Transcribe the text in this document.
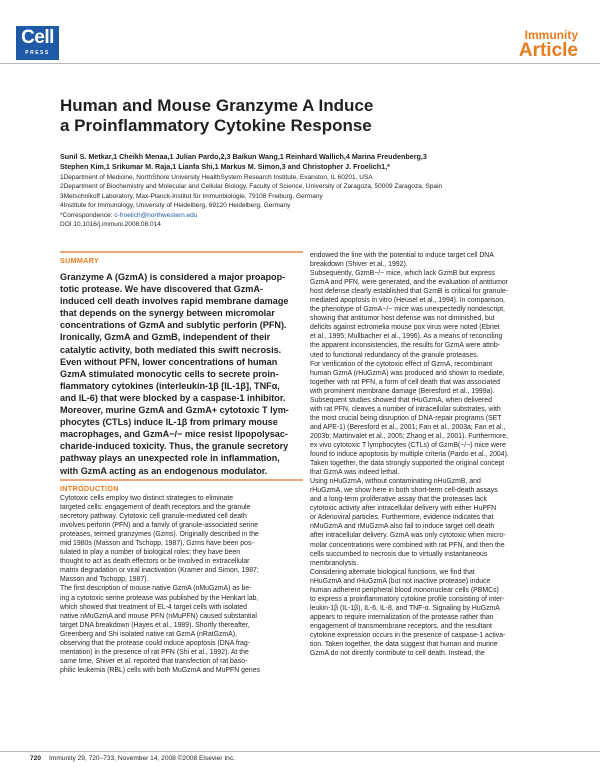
Cell
PRESS
Immunity
Article
Human and Mouse Granzyme A Induce
a Proinflammatory Cytokine Response
Sunil S. Metkar,1 Cheikh Menaa,1 Julian Pardo,2,3 Baikun Wang,1 Reinhard Wallich,4 Marina Freudenberg,3
Stephen Kim,1 Srikumar M. Raja,1 Lianfa Shi,1 Markus M. Simon,3 and Christopher J. Froelich1,*
1Department of Medicine, NorthShore University HealthSystem Research Institute, Evanston, IL 60201, USA
2Department of Biochemistry and Molecular and Cellular Biology, Faculty of Science, University of Zaragoza, 50009 Zaragoza, Spain
3Metschnikoff Laboratory, Max-Planck-Institut für Immunbiologie, 79108 Freiburg, Germany
4Institute for Immunology, University of Heidelberg, 69120 Heidelberg, Germany
*Correspondence: c-froelich@northwestern.edu
DOI 10.1016/j.immuni.2008.08.014
SUMMARY
Granzyme A (GzmA) is considered a major proapop-
totic protease. We have discovered that GzmA-
induced cell death involves rapid membrane damage
that depends on the synergy between micromolar
concentrations of GzmA and sublytic perforin (PFN).
Ironically, GzmA and GzmB, independent of their
catalytic activity, both mediated this swift necrosis.
Even without PFN, lower concentrations of human
GzmA stimulated monocytic cells to secrete proin-
flammatory cytokines (interleukin-1β [IL-1β], TNFα,
and IL-6) that were blocked by a caspase-1 inhibitor.
Moreover, murine GzmA and GzmA+ cytotoxic T lym-
phocytes (CTLs) induce IL-1β from primary mouse
macrophages, and GzmA−/− mice resist lipopolysac-
charide-induced toxicity. Thus, the granule secretory
pathway plays an unexpected role in inflammation,
with GzmA acting as an endogenous modulator.
INTRODUCTION
Cytotoxic cells employ two distinct strategies to eliminate
targeted cells: engagement of death receptors and the granule
secretory pathway. Cytotoxic cell granule-mediated cell death
involves perforin (PFN) and a family of granule-associated serine
proteases, termed granzymes (Gzms). Originally described in the
mid 1980s (Masson and Tschopp, 1987), Gzms have been pos-
tulated to play a number of biological roles; they have been
thought to act as death effectors or be involved in extracellular
matrix degradation or viral inactivation (Kramer and Simon, 1987;
Masson and Tschopp, 1987).
The first description of mouse native GzmA (nMuGzmA) as be-
ing a cytotoxic serine protease was published by the Henkart lab,
which showed that treatment of EL-4 target cells with isolated
native nMuGzmA and mouse PFN (nMuPFN) caused substantial
target DNA breakdown (Hayes et al., 1989). Shortly thereafter,
Greenberg and Shi isolated native rat GzmA (nRatGzmA),
observing that the protease could induce apoptosis (DNA frag-
mentation) in the presence of rat PFN (Shi et al., 1992). At the
same time, Shiver et al. reported that transfection of rat baso-
philic leukemia (RBL) cells with both MuGzmA and MuPFN genes
endowed the line with the potential to induce target cell DNA
breakdown (Shiver et al., 1992).
Subsequently, GzmB−/− mice, which lack GzmB but express
GzmA and PFN, were generated, and the evaluation of antitumor
host defense clearly established that GzmB is critical for granule-
mediated apoptosis in vitro (Heusel et al., 1994). In comparison,
the phenotype of GzmA−/− mice was unexpectedly nondescript,
showing that antitumor host defense was not diminished, but
deficits against ectromelia mouse pox virus were noted (Ebnet
et al., 1995; Mullbacher et al., 1996). As a means of reconciling
the apparent inconsistencies, the results for GzmA were attrib-
uted to functional redundancy of the granule proteases.
For verification of the cytotoxic effect of GzmA, recombinant
human GzmA (rHuGzmA) was produced and shown to mediate,
together with rat PFN, a form of cell death that was associated
with prominent membrane damage (Beresford et al., 1999a).
Subsequent studies showed that rHuGzmA, when delivered
with rat PFN, cleaves a number of intracellular substrates, with
the most crucial being disruption of DNA-repair programs (SET
and APE-1) (Beresford et al., 2001; Fan et al., 2003a; Fan et al.,
2003b; Martinvalet et al., 2005; Zhang et al., 2001). Furthermore,
ex vivo cytotoxic T lymphocytes (CTLs) of GzmB(−/−) mice were
found to induce apoptosis by multiple criteria (Pardo et al., 2004).
Taken together, the data strongly supported the original concept
that GzmA was indeed lethal.
Using nHuGzmA, without contaminating nHuGzmB, and
rHuGzmA, we show here in both short-term cell-death assays
and a long-term proliferative assay that the proteases lack
cytotoxic activity after intracellular delivery with either HuPFN
or Adenoviral particles. Furthermore, evidence indicates that
nMuGzmA and rMuGzmA also fail to induce target cell death
after intracellular delivery. GzmA was only cytotoxic when micro-
molar concentrations were combined with rat PFN, and then the
cells succumbed to necrosis due to virtually instantaneous
membranolysis.
Considering alternate biological functions, we find that
nHuGzmA and rHuGzmA (but not inactive protease) induce
human adherent peripheral blood mononuclear cells (PBMCs)
to express a proinflammatory cytokine profile consisting of inter-
leukin-1β (IL-1β), IL-6, IL-8, and TNF-α. Signaling by HuGzmA
appears to require internalization of the protease rather than
engagement of transmembrane receptors, and the resultant
cytokine expression occurs in the presence of caspase-1 activa-
tion. Taken together, the data suggest that human and murine
GzmA do not directly contribute to cell death. Instead, the
720 Immunity 29, 720–733, November 14, 2008 ©2008 Elsevier Inc.
